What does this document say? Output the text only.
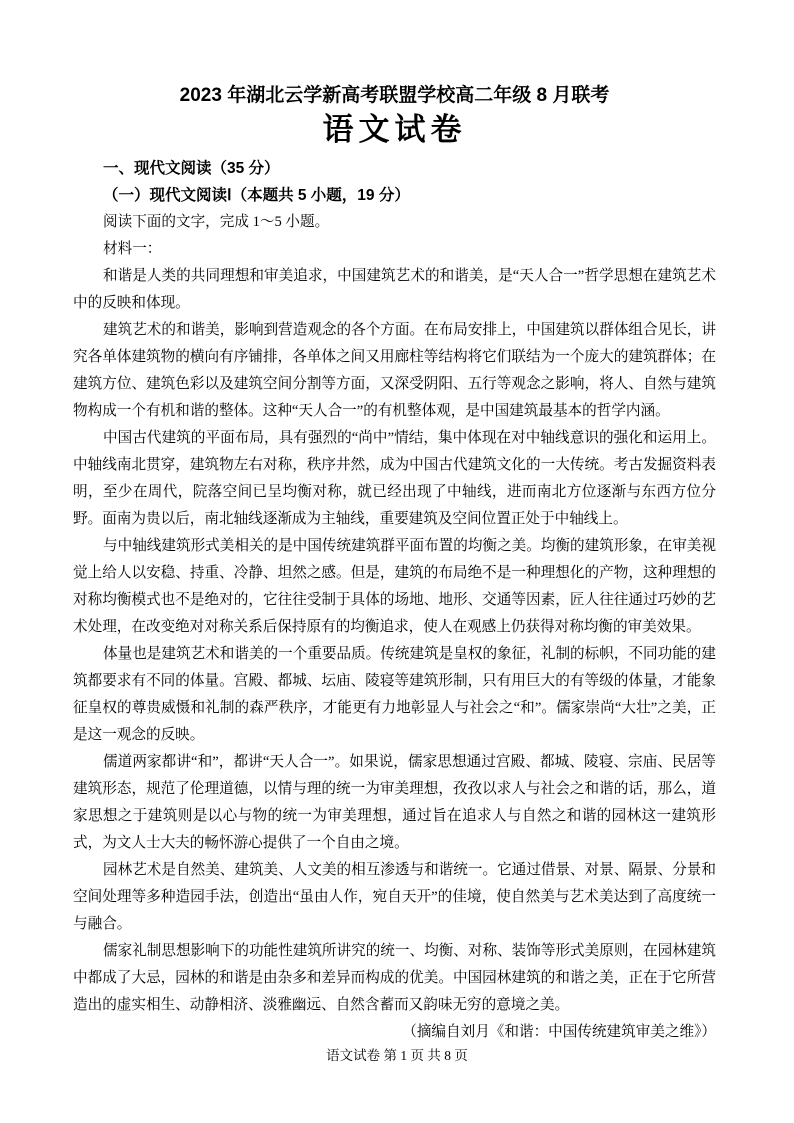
2023 年湖北云学新高考联盟学校高二年级 8 月联考
语文试卷
一、现代文阅读（35 分）
（一）现代文阅读Ⅰ（本题共 5 小题，19 分）

阅读下面的文字，完成 1～5 小题。

材料一：

和谐是人类的共同理想和审美追求，中国建筑艺术的和谐美，是“天人合一”哲学思想在建筑艺术中的反映和体现。

建筑艺术的和谐美，影响到营造观念的各个方面。在布局安排上，中国建筑以群体组合见长，讲究各单体建筑物的横向有序铺排，各单体之间又用廊柱等结构将它们联结为一个庞大的建筑群体；在建筑方位、建筑色彩以及建筑空间分割等方面，又深受阴阳、五行等观念之影响，将人、自然与建筑物构成一个有机和谐的整体。这种“天人合一”的有机整体观，是中国建筑最基本的哲学内涵。

中国古代建筑的平面布局，具有强烈的“尚中”情结，集中体现在对中轴线意识的强化和运用上。中轴线南北贯穿，建筑物左右对称，秩序井然，成为中国古代建筑文化的一大传统。考古发掘资料表明，至少在周代，院落空间已呈均衡对称，就已经出现了中轴线，进而南北方位逐渐与东西方位分野。面南为贵以后，南北轴线逐渐成为主轴线，重要建筑及空间位置正处于中轴线上。

与中轴线建筑形式美相关的是中国传统建筑群平面布置的均衡之美。均衡的建筑形象，在审美视觉上给人以安稳、持重、冷静、坦然之感。但是，建筑的布局绝不是一种理想化的产物，这种理想的对称均衡模式也不是绝对的，它往往受制于具体的场地、地形、交通等因素，匠人往往通过巧妙的艺术处理，在改变绝对对称关系后保持原有的均衡追求，使人在观感上仍获得对称均衡的审美效果。

体量也是建筑艺术和谐美的一个重要品质。传统建筑是皇权的象征，礼制的标帜，不同功能的建筑都要求有不同的体量。宫殿、都城、坛庙、陵寝等建筑形制，只有用巨大的有等级的体量，才能象征皇权的尊贵威慑和礼制的森严秩序，才能更有力地彰显人与社会之“和”。儒家崇尚“大壮”之美，正是这一观念的反映。

儒道两家都讲“和”，都讲“天人合一”。如果说，儒家思想通过宫殿、都城、陵寝、宗庙、民居等建筑形态，规范了伦理道德，以情与理的统一为审美理想，孜孜以求人与社会之和谐的话，那么，道家思想之于建筑则是以心与物的统一为审美理想，通过旨在追求人与自然之和谐的园林这一建筑形式，为文人士大夫的畅怀游心提供了一个自由之境。

园林艺术是自然美、建筑美、人文美的相互渗透与和谐统一。它通过借景、对景、隔景、分景和空间处理等多种造园手法，创造出“虽由人作，宛自天开”的佳境，使自然美与艺术美达到了高度统一与融合。

儒家礼制思想影响下的功能性建筑所讲究的统一、均衡、对称、装饰等形式美原则，在园林建筑中都成了大忌，园林的和谐是由杂多和差异而构成的优美。中国园林建筑的和谐之美，正在于它所营造出的虚实相生、动静相济、淡雅幽远、自然含蓄而又韵味无穷的意境之美。

（摘编自刘月《和谐：中国传统建筑审美之维》）

语文试卷 第 1 页 共 8 页
